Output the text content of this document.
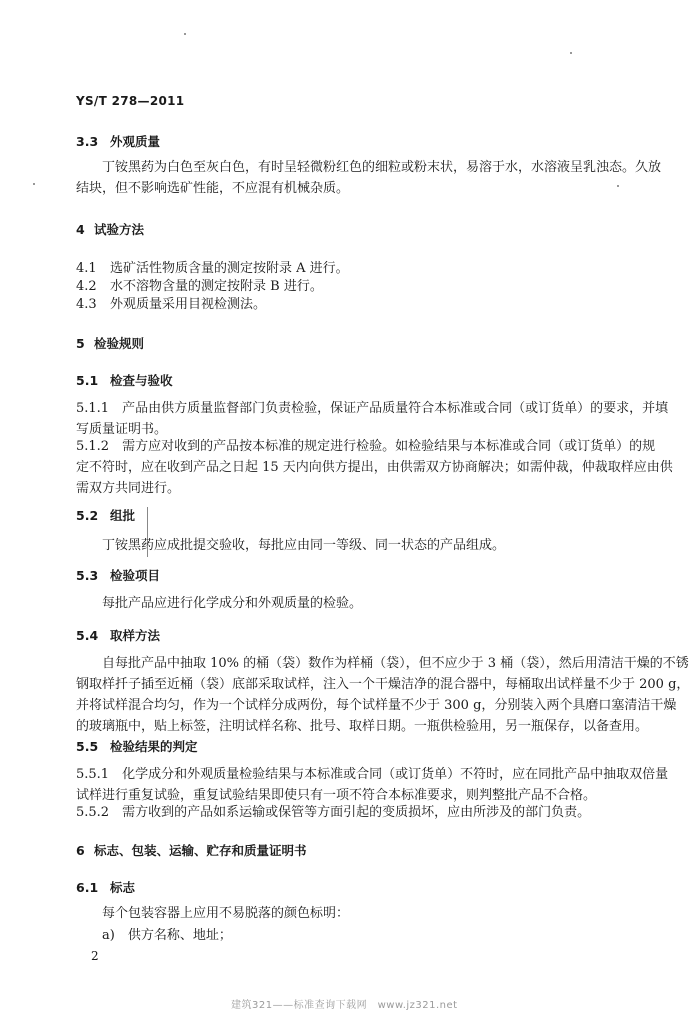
YS/T 278—2011
3.3 外观质量
丁铵黑药为白色至灰白色，有时呈轻微粉红色的细粒或粉末状，易溶于水，水溶液呈乳浊态。久放
结块，但不影响选矿性能，不应混有机械杂质。
4 试验方法
4.1 选矿活性物质含量的测定按附录 A 进行。
4.2 水不溶物含量的测定按附录 B 进行。
4.3 外观质量采用目视检测法。
5 检验规则
5.1 检查与验收
5.1.1　产品由供方质量监督部门负责检验，保证产品质量符合本标准或合同（或订货单）的要求，并填
写质量证明书。
5.1.2　需方应对收到的产品按本标准的规定进行检验。如检验结果与本标准或合同（或订货单）的规
定不符时，应在收到产品之日起 15 天内向供方提出，由供需双方协商解决；如需仲裁，仲裁取样应由供
需双方共同进行。
5.2 组批
丁铵黑药应成批提交验收，每批应由同一等级、同一状态的产品组成。
5.3 检验项目
每批产品应进行化学成分和外观质量的检验。
5.4 取样方法
自每批产品中抽取 10% 的桶（袋）数作为样桶（袋），但不应少于 3 桶（袋），然后用清洁干燥的不锈
钢取样扦子插至近桶（袋）底部采取试样，注入一个干燥洁净的混合器中，每桶取出试样量不少于 200 g，
并将试样混合均匀，作为一个试样分成两份，每个试样量不少于 300 g，分别装入两个具磨口塞清洁干燥
的玻璃瓶中，贴上标签，注明试样名称、批号、取样日期。一瓶供检验用，另一瓶保存，以备查用。
5.5 检验结果的判定
5.5.1　化学成分和外观质量检验结果与本标准或合同（或订货单）不符时，应在同批产品中抽取双倍量
试样进行重复试验，重复试验结果即使只有一项不符合本标准要求，则判整批产品不合格。
5.5.2　需方收到的产品如系运输或保管等方面引起的变质损坏，应由所涉及的部门负责。
6 标志、包装、运输、贮存和质量证明书
6.1 标志
每个包装容器上应用不易脱落的颜色标明：
a)　供方名称、地址；
2
建筑321——标准查询下载网　www.jz321.net
